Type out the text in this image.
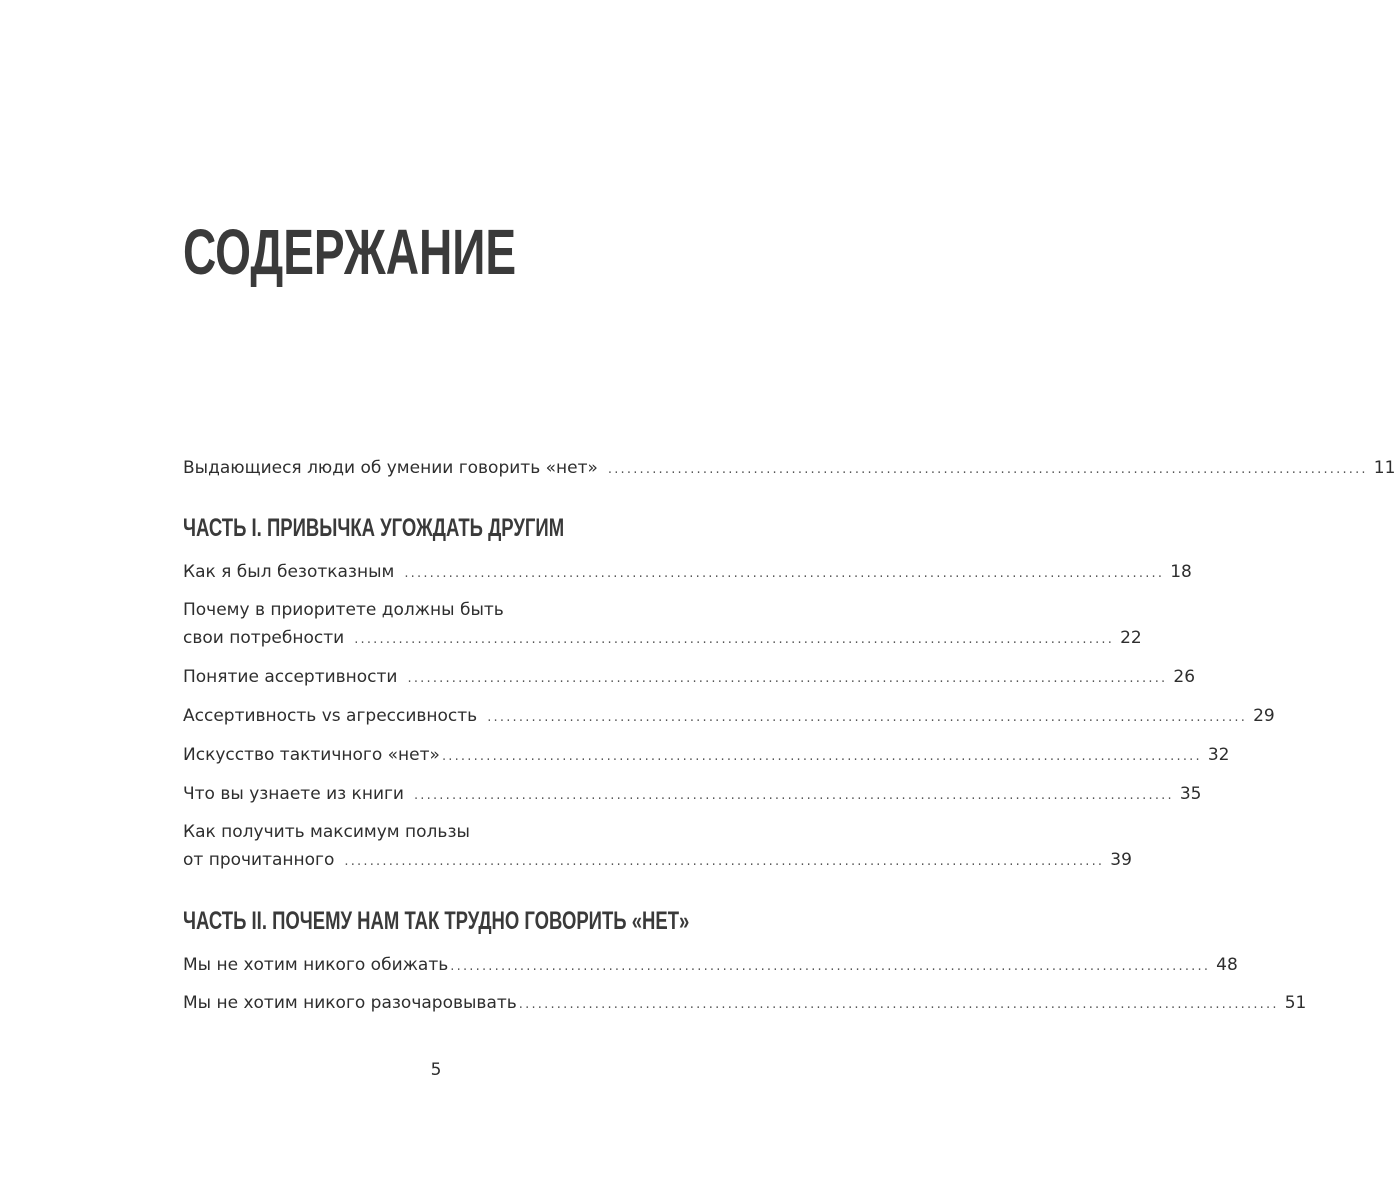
СОДЕРЖАНИЕ
Выдающиеся люди об умении говорить «нет» ........................................................................................................................ 11
ЧАСТЬ I. ПРИВЫЧКА УГОЖДАТЬ ДРУГИМ
Как я был безотказным ........................................................................................................................ 18
Почему в приоритете должны быть
свои потребности ........................................................................................................................ 22
Понятие ассертивности ........................................................................................................................ 26
Ассертивность vs агрессивность ........................................................................................................................ 29
Искусство тактичного «нет» ........................................................................................................................ 32
Что вы узнаете из книги ........................................................................................................................ 35
Как получить максимум пользы
от прочитанного ........................................................................................................................ 39
ЧАСТЬ II. ПОЧЕМУ НАМ ТАК ТРУДНО ГОВОРИТЬ «НЕТ»
Мы не хотим никого обижать ........................................................................................................................ 48
Мы не хотим никого разочаровывать ........................................................................................................................ 51
5
